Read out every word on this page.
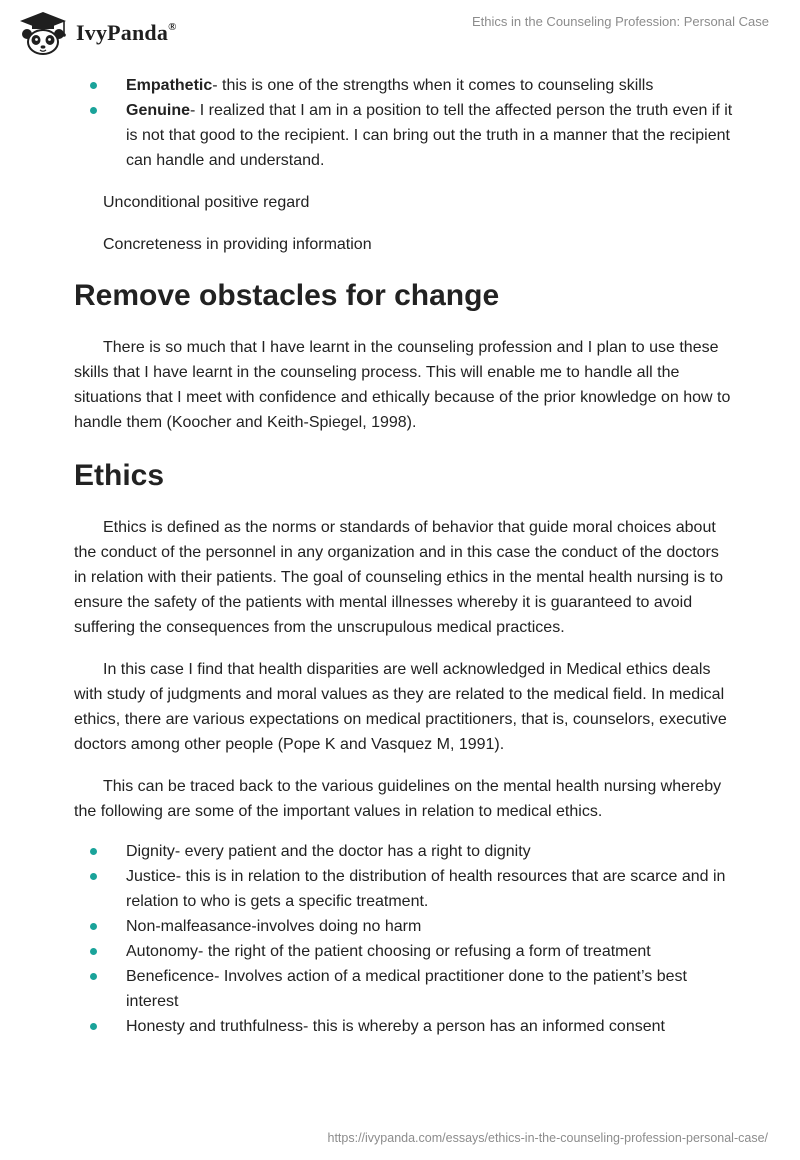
IvyPanda®	Ethics in the Counseling Profession: Personal Case
Empathetic- this is one of the strengths when it comes to counseling skills
Genuine- I realized that I am in a position to tell the affected person the truth even if it is not that good to the recipient. I can bring out the truth in a manner that the recipient can handle and understand.

Unconditional positive regard

Concreteness in providing information

Remove obstacles for change

There is so much that I have learnt in the counseling profession and I plan to use these skills that I have learnt in the counseling process. This will enable me to handle all the situations that I meet with confidence and ethically because of the prior knowledge on how to handle them (Koocher and Keith-Spiegel, 1998).

Ethics

Ethics is defined as the norms or standards of behavior that guide moral choices about the conduct of the personnel in any organization and in this case the conduct of the doctors in relation with their patients. The goal of counseling ethics in the mental health nursing is to ensure the safety of the patients with mental illnesses whereby it is guaranteed to avoid suffering the consequences from the unscrupulous medical practices.

In this case I find that health disparities are well acknowledged in Medical ethics deals with study of judgments and moral values as they are related to the medical field. In medical ethics, there are various expectations on medical practitioners, that is, counselors, executive doctors among other people (Pope K and Vasquez M, 1991).

This can be traced back to the various guidelines on the mental health nursing whereby the following are some of the important values in relation to medical ethics.

Dignity- every patient and the doctor has a right to dignity
Justice- this is in relation to the distribution of health resources that are scarce and in relation to who is gets a specific treatment.
Non-malfeasance-involves doing no harm
Autonomy- the right of the patient choosing or refusing a form of treatment
Beneficence- Involves action of a medical practitioner done to the patient’s best interest
Honesty and truthfulness- this is whereby a person has an informed consent
https://ivypanda.com/essays/ethics-in-the-counseling-profession-personal-case/
